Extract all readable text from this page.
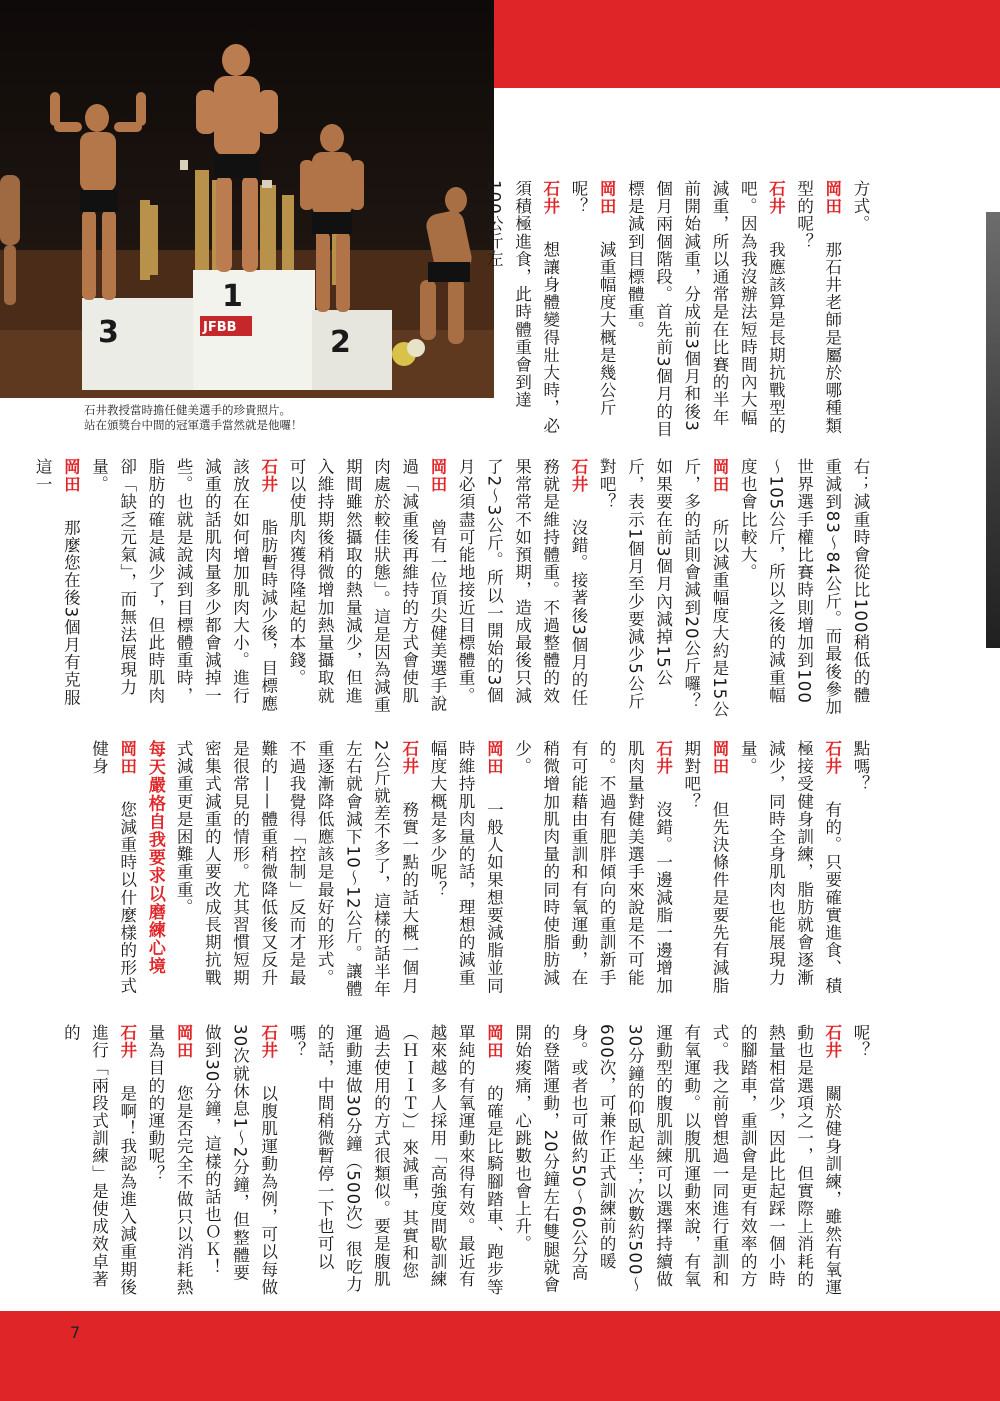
3
1
2
JFBB
石井教授當時擔任健美選手的珍貴照片。
站在頒獎台中間的冠軍選手當然就是他囉！
方式。
岡田　那石井老師是屬於哪種類型的呢？
石井　我應該算是長期抗戰型的吧。因為我沒辦法短時間內大幅減重，所以通常是在比賽的半年前開始減重，分成前3個月和後3個月兩個階段。首先前3個月的目標是減到目標體重。
岡田　減重幅度大概是幾公斤呢？
石井　想讓身體變得壯大時，必須積極進食，此時體重會到達100公斤左
右；減重時會從比100稍低的體重減到83～84公斤。而最後參加世界選手權比賽時則增加到100～105公斤，所以之後的減重幅度也會比較大。
岡田　所以減重幅度大約是15公斤，多的話則會減到20公斤囉？如果要在前3個月內減掉15公斤，表示1個月至少要減少5公斤對吧？
石井　沒錯。接著後3個月的任務就是維持體重。不過整體的效果常常不如預期，造成最後只減了2～3公斤。所以一開始的3個月必須盡可能地接近目標體重。
岡田　曾有一位頂尖健美選手說過「減重後再維持的方式會使肌肉處於較佳狀態」。這是因為減重期間雖然攝取的熱量減少，但進入維持期後稍微增加熱量攝取就可以使肌肉獲得隆起的本錢。
石井　脂肪暫時減少後，目標應該放在如何增加肌肉大小。進行減重的話肌肉量多少都會減掉一些。也就是說減到目標體重時，脂肪的確是減少了，但此時肌肉卻「缺乏元氣」，而無法展現力量。
岡田　那麼您在後3個月有克服這一
點嗎？
石井　有的。只要確實進食、積極接受健身訓練，脂肪就會逐漸減少，同時全身肌肉也能展現力量。
岡田　但先決條件是要先有減脂期對吧？
石井　沒錯。一邊減脂一邊增加肌肉量對健美選手來說是不可能的。不過有肥胖傾向的重訓新手有可能藉由重訓和有氧運動，在稍微增加肌肉量的同時使脂肪減少。
岡田　一般人如果想要減脂並同時維持肌肉量的話，理想的減重幅度大概是多少呢？
石井　務實一點的話大概一個月2公斤就差不多了，這樣的話半年左右就會減下10～12公斤。讓體重逐漸降低應該是最好的形式。不過我覺得「控制」反而才是最難的——體重稍微降低後又反升是很常見的情形。尤其習慣短期密集式減重的人要改成長期抗戰式減重更是困難重重。
每天嚴格自我要求以磨練心境
岡田　您減重時以什麼樣的形式健身
呢？
石井　關於健身訓練，雖然有氧運動也是選項之一，但實際上消耗的熱量相當少，因此比起踩一個小時的腳踏車，重訓會是更有效率的方式。我之前曾想過一同進行重訓和有氧運動。以腹肌運動來說，有氧運動型的腹肌訓練可以選擇持續做30分鐘的仰臥起坐；次數約500～600次，可兼作正式訓練前的暖身。或者也可做約50～60公分高的登階運動，20分鐘左右雙腿就會開始痠痛，心跳數也會上升。
岡田　的確是比騎腳踏車、跑步等單純的有氧運動來得有效。最近有越來越多人採用「高強度間歇訓練（ＨＩＩＴ）」來減重，其實和您過去使用的方式很類似。要是腹肌運動連做30分鐘（500次）很吃力的話，中間稍微暫停一下也可以嗎？
石井　以腹肌運動為例，可以每做30次就休息1～2分鐘，但整體要做到30分鐘，這樣的話也ＯＫ！
岡田　您是否完全不做只以消耗熱量為目的的運動呢？
石井　是啊！我認為進入減重期後進行「兩段式訓練」是使成效卓著的
7
